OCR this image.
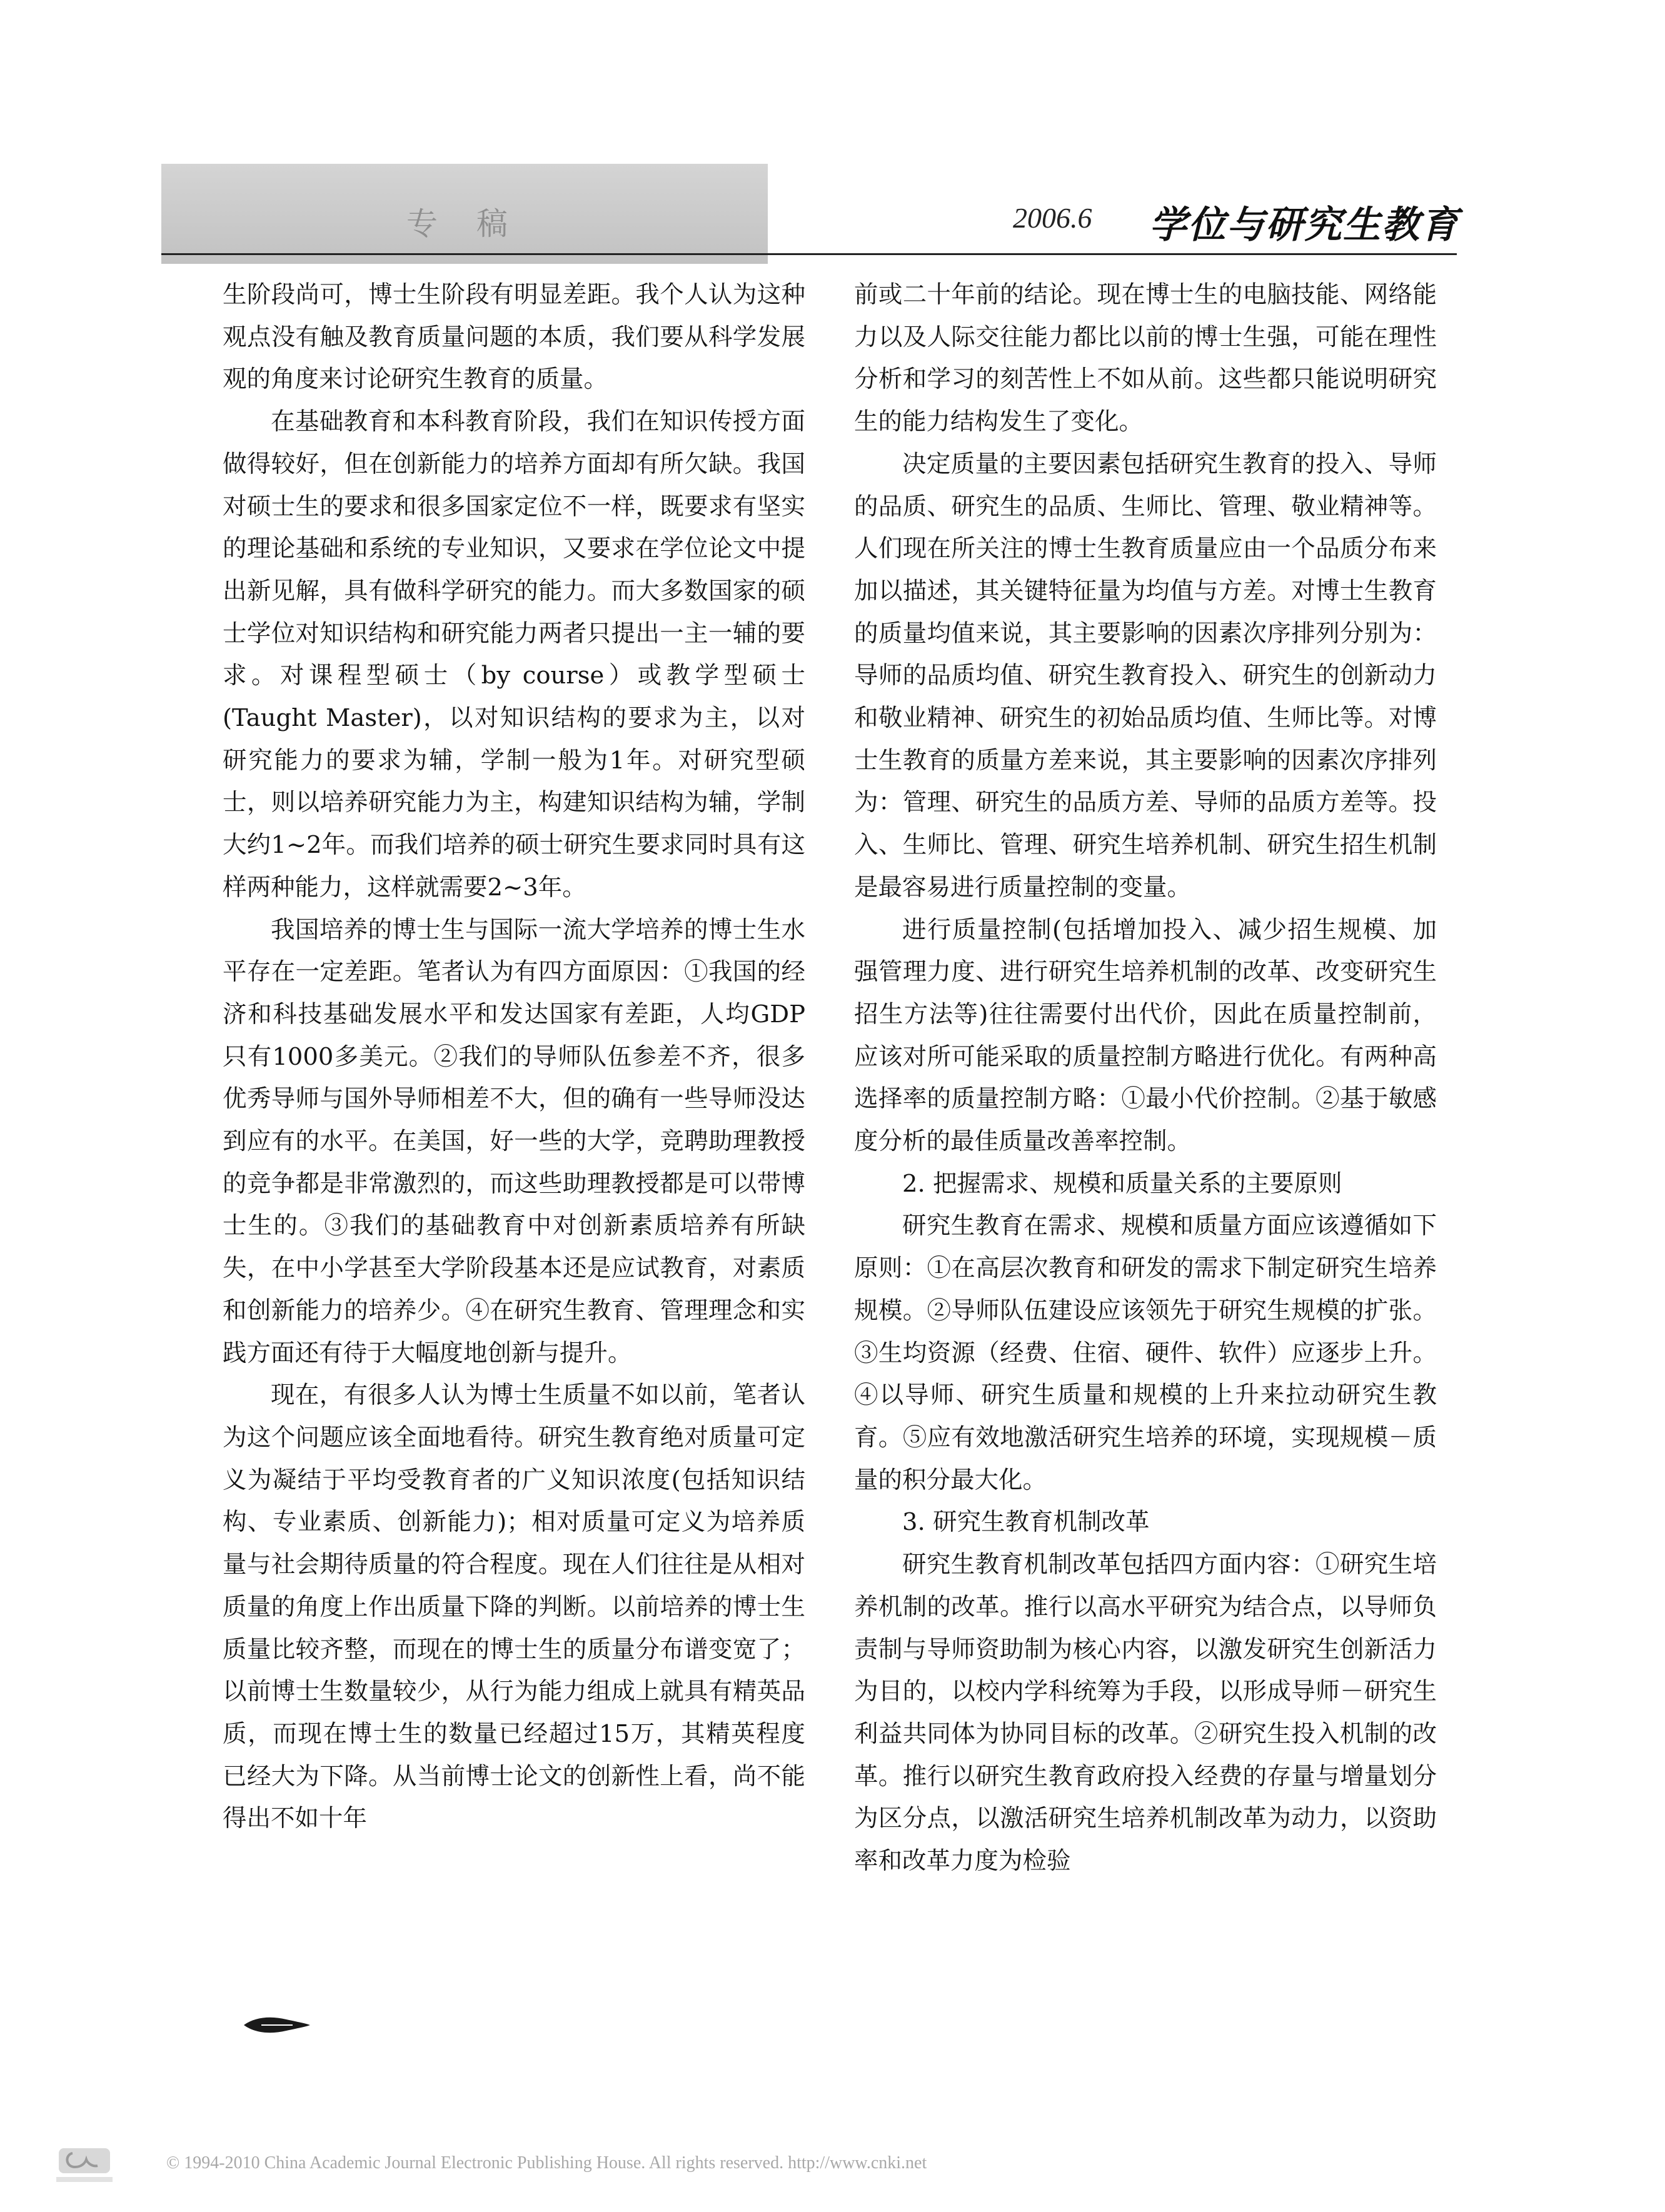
专稿	2006.6 学位与研究生教育

生阶段尚可，博士生阶段有明显差距。我个人认为这种观点没有触及教育质量问题的本质，我们要从科学发展观的角度来讨论研究生教育的质量。

在基础教育和本科教育阶段，我们在知识传授方面做得较好，但在创新能力的培养方面却有所欠缺。我国对硕士生的要求和很多国家定位不一样，既要求有坚实的理论基础和系统的专业知识，又要求在学位论文中提出新见解，具有做科学研究的能力。而大多数国家的硕士学位对知识结构和研究能力两者只提出一主一辅的要求。对课程型硕士（by course）或教学型硕士(Taught Master)，以对知识结构的要求为主，以对研究能力的要求为辅，学制一般为1年。对研究型硕士，则以培养研究能力为主，构建知识结构为辅，学制大约1~2年。而我们培养的硕士研究生要求同时具有这样两种能力，这样就需要2~3年。

我国培养的博士生与国际一流大学培养的博士生水平存在一定差距。笔者认为有四方面原因：①我国的经济和科技基础发展水平和发达国家有差距，人均GDP只有1000多美元。②我们的导师队伍参差不齐，很多优秀导师与国外导师相差不大，但的确有一些导师没达到应有的水平。在美国，好一些的大学，竞聘助理教授的竞争都是非常激烈的，而这些助理教授都是可以带博士生的。③我们的基础教育中对创新素质培养有所缺失，在中小学甚至大学阶段基本还是应试教育，对素质和创新能力的培养少。④在研究生教育、管理理念和实践方面还有待于大幅度地创新与提升。

现在，有很多人认为博士生质量不如以前，笔者认为这个问题应该全面地看待。研究生教育绝对质量可定义为凝结于平均受教育者的广义知识浓度(包括知识结构、专业素质、创新能力)；相对质量可定义为培养质量与社会期待质量的符合程度。现在人们往往是从相对质量的角度上作出质量下降的判断。以前培养的博士生质量比较齐整，而现在的博士生的质量分布谱变宽了；以前博士生数量较少，从行为能力组成上就具有精英品质，而现在博士生的数量已经超过15万，其精英程度已经大为下降。从当前博士论文的创新性上看，尚不能得出不如十年

前或二十年前的结论。现在博士生的电脑技能、网络能力以及人际交往能力都比以前的博士生强，可能在理性分析和学习的刻苦性上不如从前。这些都只能说明研究生的能力结构发生了变化。

决定质量的主要因素包括研究生教育的投入、导师的品质、研究生的品质、生师比、管理、敬业精神等。人们现在所关注的博士生教育质量应由一个品质分布来加以描述，其关键特征量为均值与方差。对博士生教育的质量均值来说，其主要影响的因素次序排列分别为：导师的品质均值、研究生教育投入、研究生的创新动力和敬业精神、研究生的初始品质均值、生师比等。对博士生教育的质量方差来说，其主要影响的因素次序排列为：管理、研究生的品质方差、导师的品质方差等。投入、生师比、管理、研究生培养机制、研究生招生机制是最容易进行质量控制的变量。

进行质量控制(包括增加投入、减少招生规模、加强管理力度、进行研究生培养机制的改革、改变研究生招生方法等)往往需要付出代价，因此在质量控制前，应该对所可能采取的质量控制方略进行优化。有两种高选择率的质量控制方略：①最小代价控制。②基于敏感度分析的最佳质量改善率控制。

2. 把握需求、规模和质量关系的主要原则

研究生教育在需求、规模和质量方面应该遵循如下原则：①在高层次教育和研发的需求下制定研究生培养规模。②导师队伍建设应该领先于研究生规模的扩张。③生均资源（经费、住宿、硬件、软件）应逐步上升。④以导师、研究生质量和规模的上升来拉动研究生教育。⑤应有效地激活研究生培养的环境，实现规模－质量的积分最大化。

3. 研究生教育机制改革

研究生教育机制改革包括四方面内容：①研究生培养机制的改革。推行以高水平研究为结合点，以导师负责制与导师资助制为核心内容，以激发研究生创新活力为目的，以校内学科统筹为手段，以形成导师－研究生利益共同体为协同目标的改革。②研究生投入机制的改革。推行以研究生教育政府投入经费的存量与增量划分为区分点，以激活研究生培养机制改革为动力，以资助率和改革力度为检验

© 1994-2010 China Academic Journal Electronic Publishing House. All rights reserved. http://www.cnki.net
